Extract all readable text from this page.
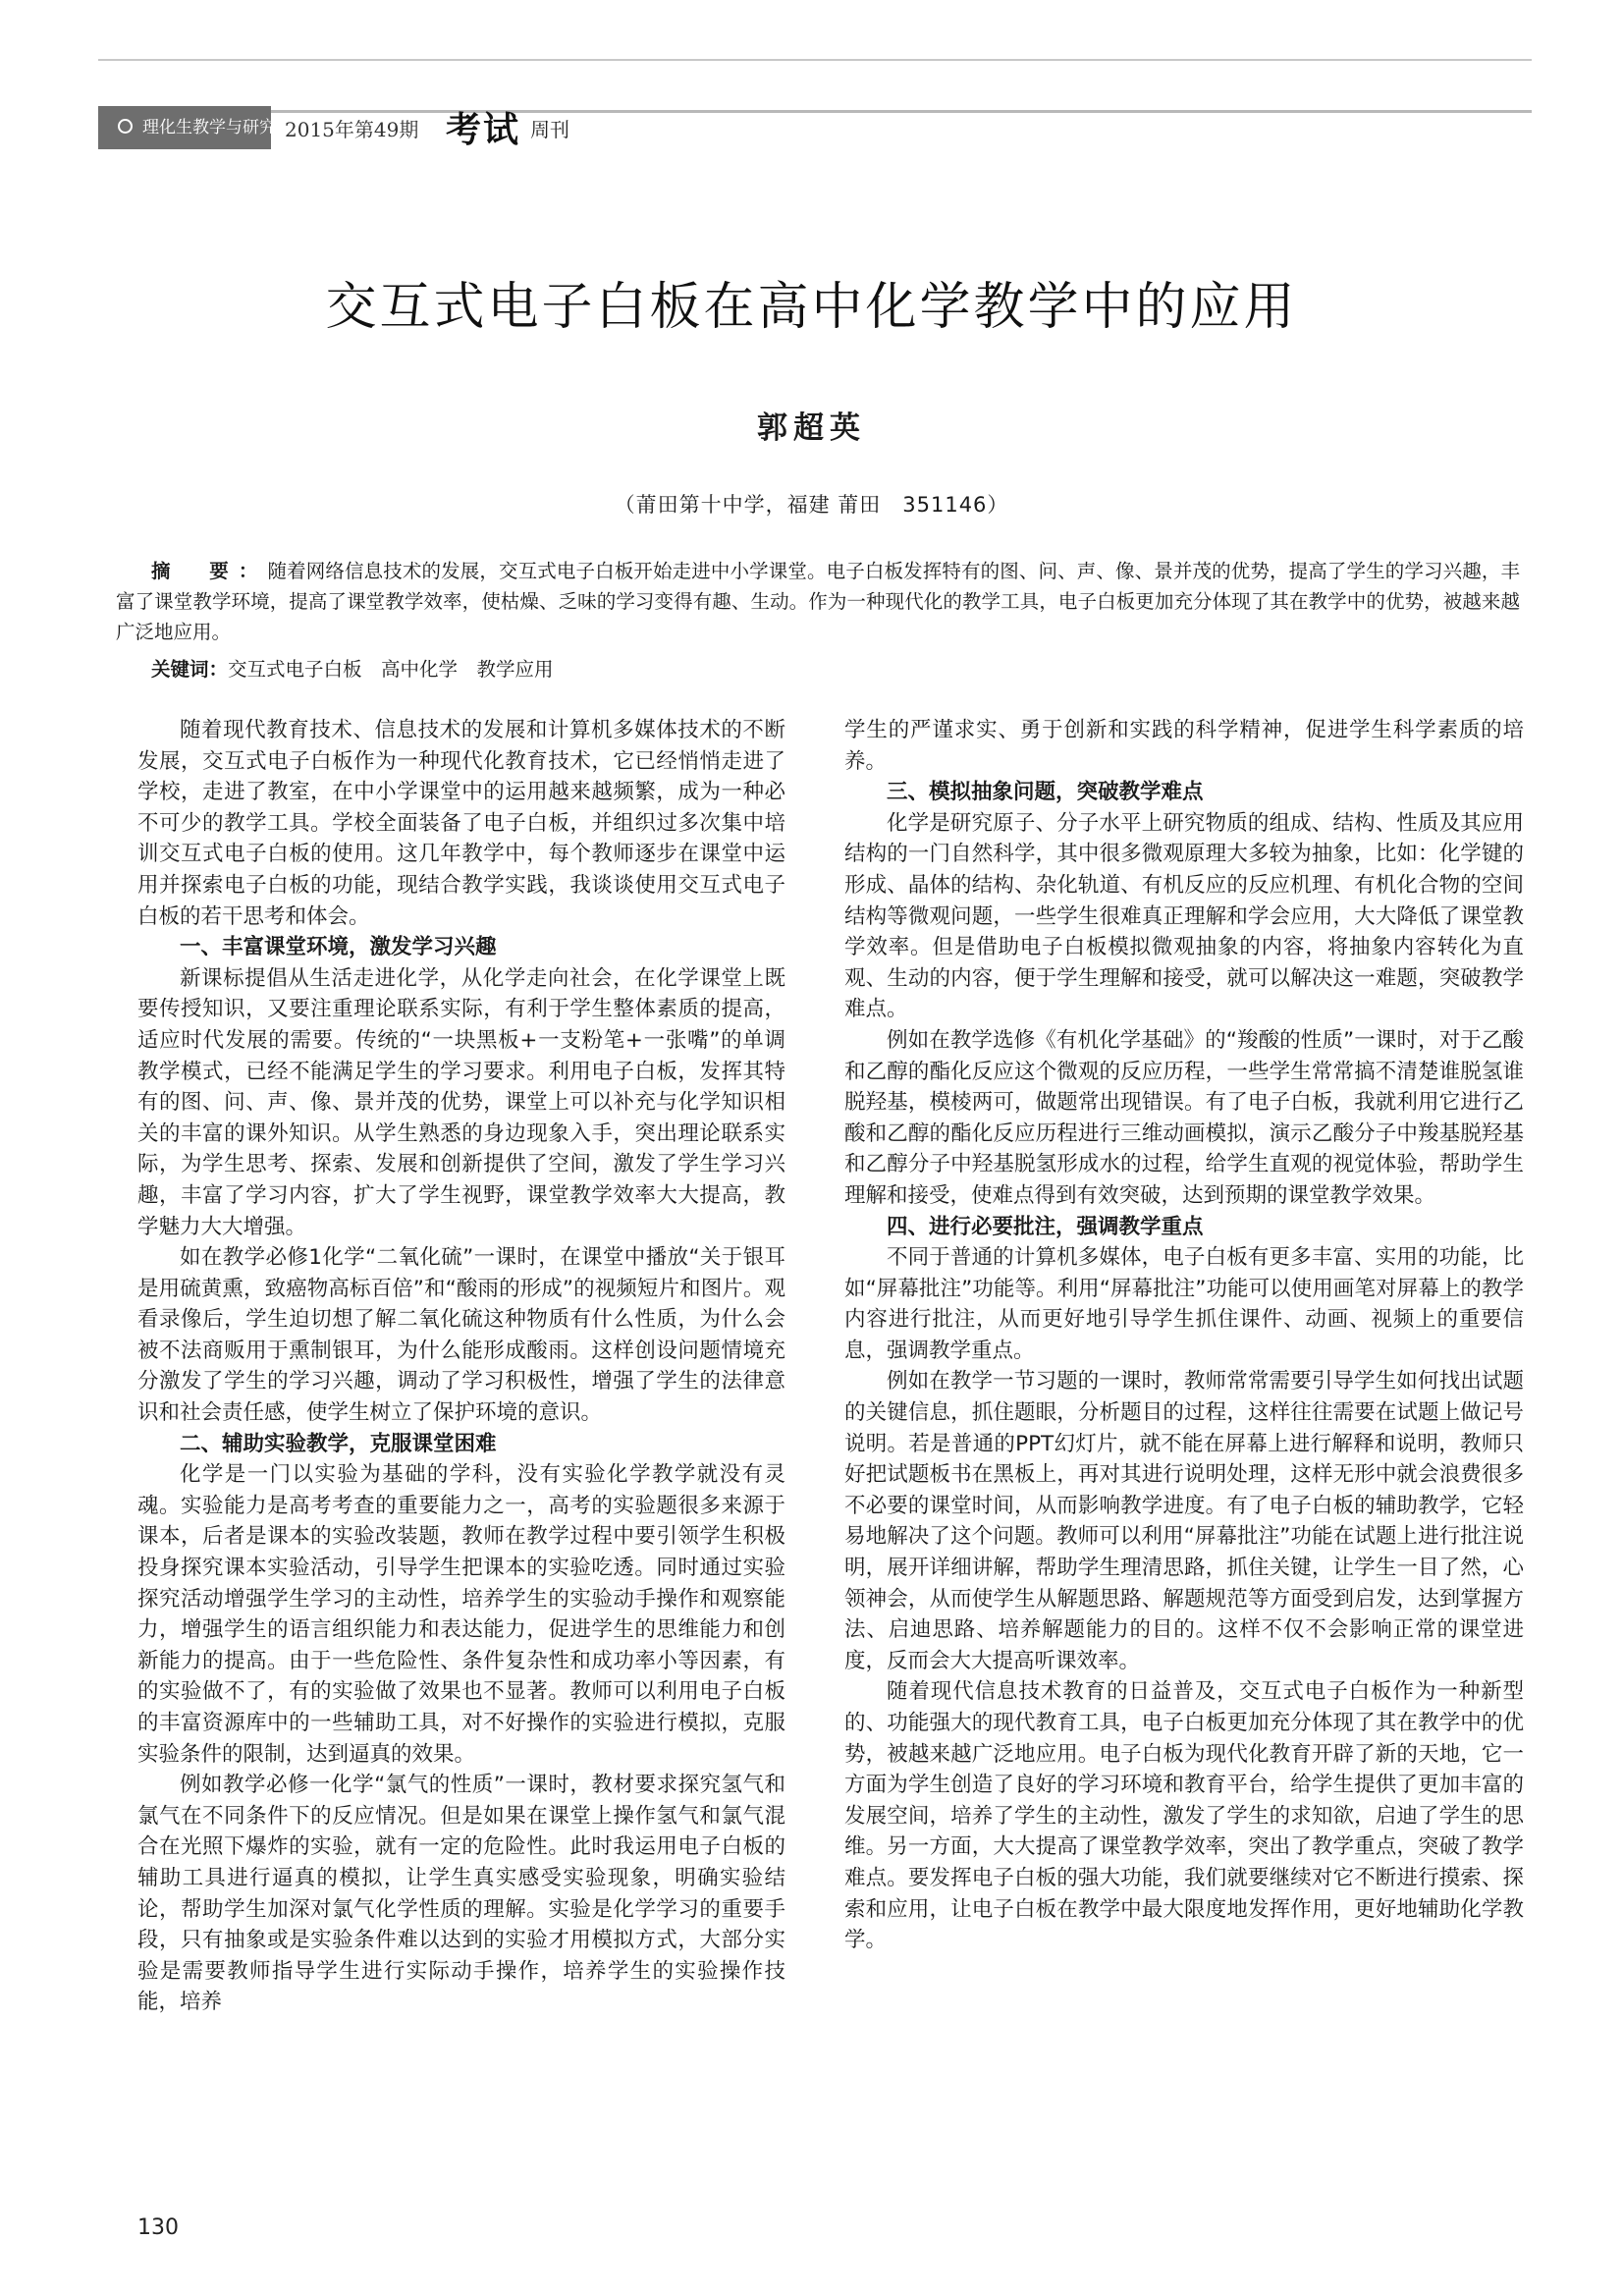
理化生教学与研究 2015年第49期 考试 周刊
交互式电子白板在高中化学教学中的应用
郭超英
（莆田第十中学，福建 莆田　351146）
摘　要：随着网络信息技术的发展，交互式电子白板开始走进中小学课堂。电子白板发挥特有的图、问、声、像、景并茂的优势，提高了学生的学习兴趣，丰富了课堂教学环境，提高了课堂教学效率，使枯燥、乏味的学习变得有趣、生动。作为一种现代化的教学工具，电子白板更加充分体现了其在教学中的优势，被越来越广泛地应用。
关键词：交互式电子白板　高中化学　教学应用

随着现代教育技术、信息技术的发展和计算机多媒体技术的不断发展，交互式电子白板作为一种现代化教育技术，它已经悄悄走进了学校，走进了教室，在中小学课堂中的运用越来越频繁，成为一种必不可少的教学工具。学校全面装备了电子白板，并组织过多次集中培训交互式电子白板的使用。这几年教学中，每个教师逐步在课堂中运用并探索电子白板的功能，现结合教学实践，我谈谈使用交互式电子白板的若干思考和体会。

一、丰富课堂环境，激发学习兴趣

新课标提倡从生活走进化学，从化学走向社会，在化学课堂上既要传授知识，又要注重理论联系实际，有利于学生整体素质的提高，适应时代发展的需要。传统的“一块黑板+一支粉笔+一张嘴”的单调教学模式，已经不能满足学生的学习要求。利用电子白板，发挥其特有的图、问、声、像、景并茂的优势，课堂上可以补充与化学知识相关的丰富的课外知识。从学生熟悉的身边现象入手，突出理论联系实际，为学生思考、探索、发展和创新提供了空间，激发了学生学习兴趣，丰富了学习内容，扩大了学生视野，课堂教学效率大大提高，教学魅力大大增强。

如在教学必修1化学“二氧化硫”一课时，在课堂中播放“关于银耳是用硫黄熏，致癌物高标百倍”和“酸雨的形成”的视频短片和图片。观看录像后，学生迫切想了解二氧化硫这种物质有什么性质，为什么会被不法商贩用于熏制银耳，为什么能形成酸雨。这样创设问题情境充分激发了学生的学习兴趣，调动了学习积极性，增强了学生的法律意识和社会责任感，使学生树立了保护环境的意识。

二、辅助实验教学，克服课堂困难

化学是一门以实验为基础的学科，没有实验化学教学就没有灵魂。实验能力是高考考查的重要能力之一，高考的实验题很多来源于课本，后者是课本的实验改装题，教师在教学过程中要引领学生积极投身探究课本实验活动，引导学生把课本的实验吃透。同时通过实验探究活动增强学生学习的主动性，培养学生的实验动手操作和观察能力，增强学生的语言组织能力和表达能力，促进学生的思维能力和创新能力的提高。由于一些危险性、条件复杂性和成功率小等因素，有的实验做不了，有的实验做了效果也不显著。教师可以利用电子白板的丰富资源库中的一些辅助工具，对不好操作的实验进行模拟，克服实验条件的限制，达到逼真的效果。

例如教学必修一化学“氯气的性质”一课时，教材要求探究氢气和氯气在不同条件下的反应情况。但是如果在课堂上操作氢气和氯气混合在光照下爆炸的实验，就有一定的危险性。此时我运用电子白板的辅助工具进行逼真的模拟，让学生真实感受实验现象，明确实验结论，帮助学生加深对氯气化学性质的理解。实验是化学学习的重要手段，只有抽象或是实验条件难以达到的实验才用模拟方式，大部分实验是需要教师指导学生进行实际动手操作，培养学生的实验操作技能，培养

学生的严谨求实、勇于创新和实践的科学精神，促进学生科学素质的培养。

三、模拟抽象问题，突破教学难点

化学是研究原子、分子水平上研究物质的组成、结构、性质及其应用结构的一门自然科学，其中很多微观原理大多较为抽象，比如：化学键的形成、晶体的结构、杂化轨道、有机反应的反应机理、有机化合物的空间结构等微观问题，一些学生很难真正理解和学会应用，大大降低了课堂教学效率。但是借助电子白板模拟微观抽象的内容，将抽象内容转化为直观、生动的内容，便于学生理解和接受，就可以解决这一难题，突破教学难点。

例如在教学选修《有机化学基础》的“羧酸的性质”一课时，对于乙酸和乙醇的酯化反应这个微观的反应历程，一些学生常常搞不清楚谁脱氢谁脱羟基，模棱两可，做题常出现错误。有了电子白板，我就利用它进行乙酸和乙醇的酯化反应历程进行三维动画模拟，演示乙酸分子中羧基脱羟基和乙醇分子中羟基脱氢形成水的过程，给学生直观的视觉体验，帮助学生理解和接受，使难点得到有效突破，达到预期的课堂教学效果。

四、进行必要批注，强调教学重点

不同于普通的计算机多媒体，电子白板有更多丰富、实用的功能，比如“屏幕批注”功能等。利用“屏幕批注”功能可以使用画笔对屏幕上的教学内容进行批注，从而更好地引导学生抓住课件、动画、视频上的重要信息，强调教学重点。

例如在教学一节习题的一课时，教师常常需要引导学生如何找出试题的关键信息，抓住题眼，分析题目的过程，这样往往需要在试题上做记号说明。若是普通的PPT幻灯片，就不能在屏幕上进行解释和说明，教师只好把试题板书在黑板上，再对其进行说明处理，这样无形中就会浪费很多不必要的课堂时间，从而影响教学进度。有了电子白板的辅助教学，它轻易地解决了这个问题。教师可以利用“屏幕批注”功能在试题上进行批注说明，展开详细讲解，帮助学生理清思路，抓住关键，让学生一目了然，心领神会，从而使学生从解题思路、解题规范等方面受到启发，达到掌握方法、启迪思路、培养解题能力的目的。这样不仅不会影响正常的课堂进度，反而会大大提高听课效率。

随着现代信息技术教育的日益普及，交互式电子白板作为一种新型的、功能强大的现代教育工具，电子白板更加充分体现了其在教学中的优势，被越来越广泛地应用。电子白板为现代化教育开辟了新的天地，它一方面为学生创造了良好的学习环境和教育平台，给学生提供了更加丰富的发展空间，培养了学生的主动性，激发了学生的求知欲，启迪了学生的思维。另一方面，大大提高了课堂教学效率，突出了教学重点，突破了教学难点。要发挥电子白板的强大功能，我们就要继续对它不断进行摸索、探索和应用，让电子白板在教学中最大限度地发挥作用，更好地辅助化学教学。

130
